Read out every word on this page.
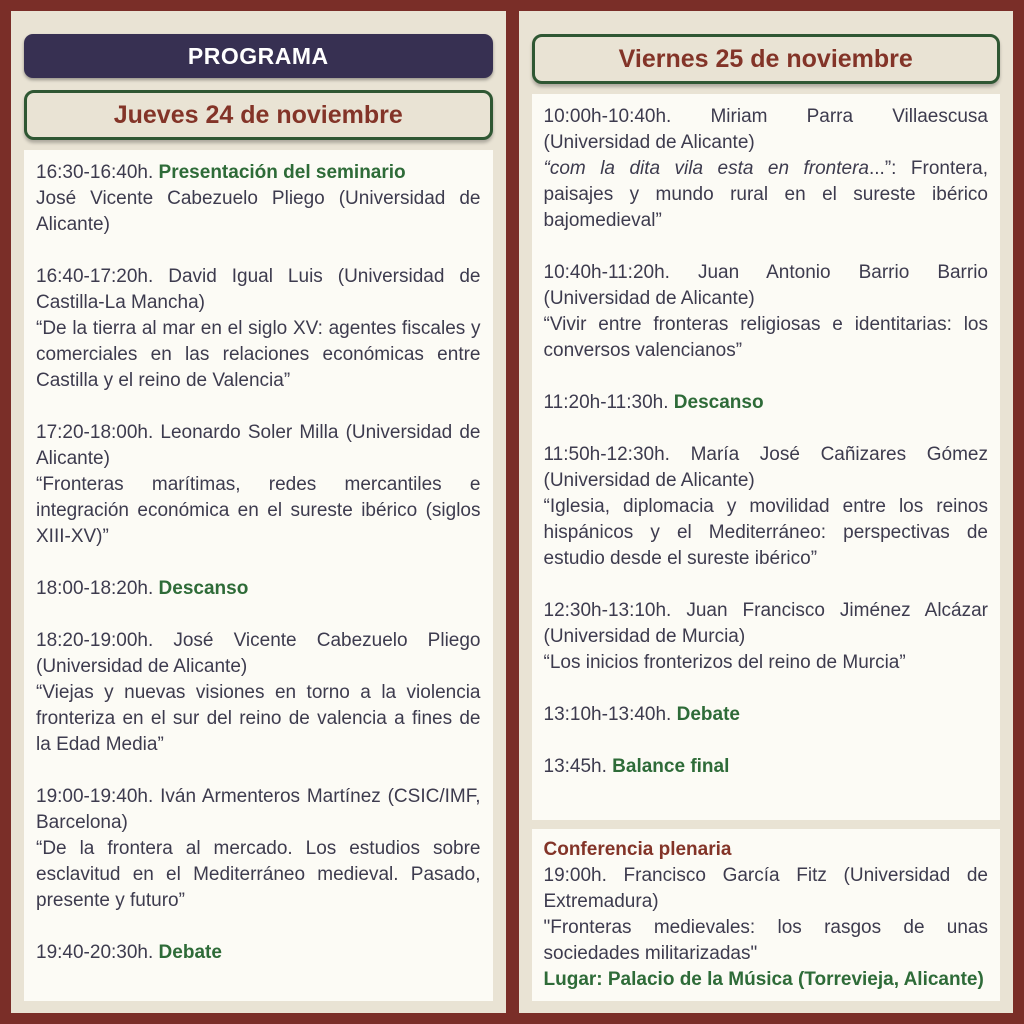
PROGRAMA
Jueves 24 de noviembre

16:30-16:40h. Presentación del seminario

José Vicente Cabezuelo Pliego (Universidad de Alicante)

16:40-17:20h. David Igual Luis (Universidad de Castilla-La Mancha)

“De la tierra al mar en el siglo XV: agentes fiscales y comerciales en las relaciones económicas entre Castilla y el reino de Valencia”

17:20-18:00h. Leonardo Soler Milla (Universidad de Alicante)

“Fronteras marítimas, redes mercantiles e integración económica en el sureste ibérico (siglos XIII-XV)”

18:00-18:20h. Descanso

18:20-19:00h. José Vicente Cabezuelo Pliego (Universidad de Alicante)

“Viejas y nuevas visiones en torno a la violencia fronteriza en el sur del reino de valencia a fines de la Edad Media”

19:00-19:40h. Iván Armenteros Martínez (CSIC/IMF, Barcelona)

“De la frontera al mercado. Los estudios sobre esclavitud en el Mediterráneo medieval. Pasado, presente y futuro”

19:40-20:30h. Debate

Viernes 25 de noviembre

10:00h-10:40h. Miriam Parra Villaescusa (Universidad de Alicante)

“com la dita vila esta en frontera...”: Frontera, paisajes y mundo rural en el sureste ibérico bajomedieval”

10:40h-11:20h. Juan Antonio Barrio Barrio (Universidad de Alicante)

“Vivir entre fronteras religiosas e identitarias: los conversos valencianos”

11:20h-11:30h. Descanso

11:50h-12:30h. María José Cañizares Gómez (Universidad de Alicante)

“Iglesia, diplomacia y movilidad entre los reinos hispánicos y el Mediterráneo: perspectivas de estudio desde el sureste ibérico”

12:30h-13:10h. Juan Francisco Jiménez Alcázar (Universidad de Murcia)

“Los inicios fronterizos del reino de Murcia”

13:10h-13:40h. Debate

13:45h. Balance final

Conferencia plenaria

19:00h. Francisco García Fitz (Universidad de Extremadura)

"Fronteras medievales: los rasgos de unas sociedades militarizadas"

Lugar: Palacio de la Música (Torrevieja, Alicante)
